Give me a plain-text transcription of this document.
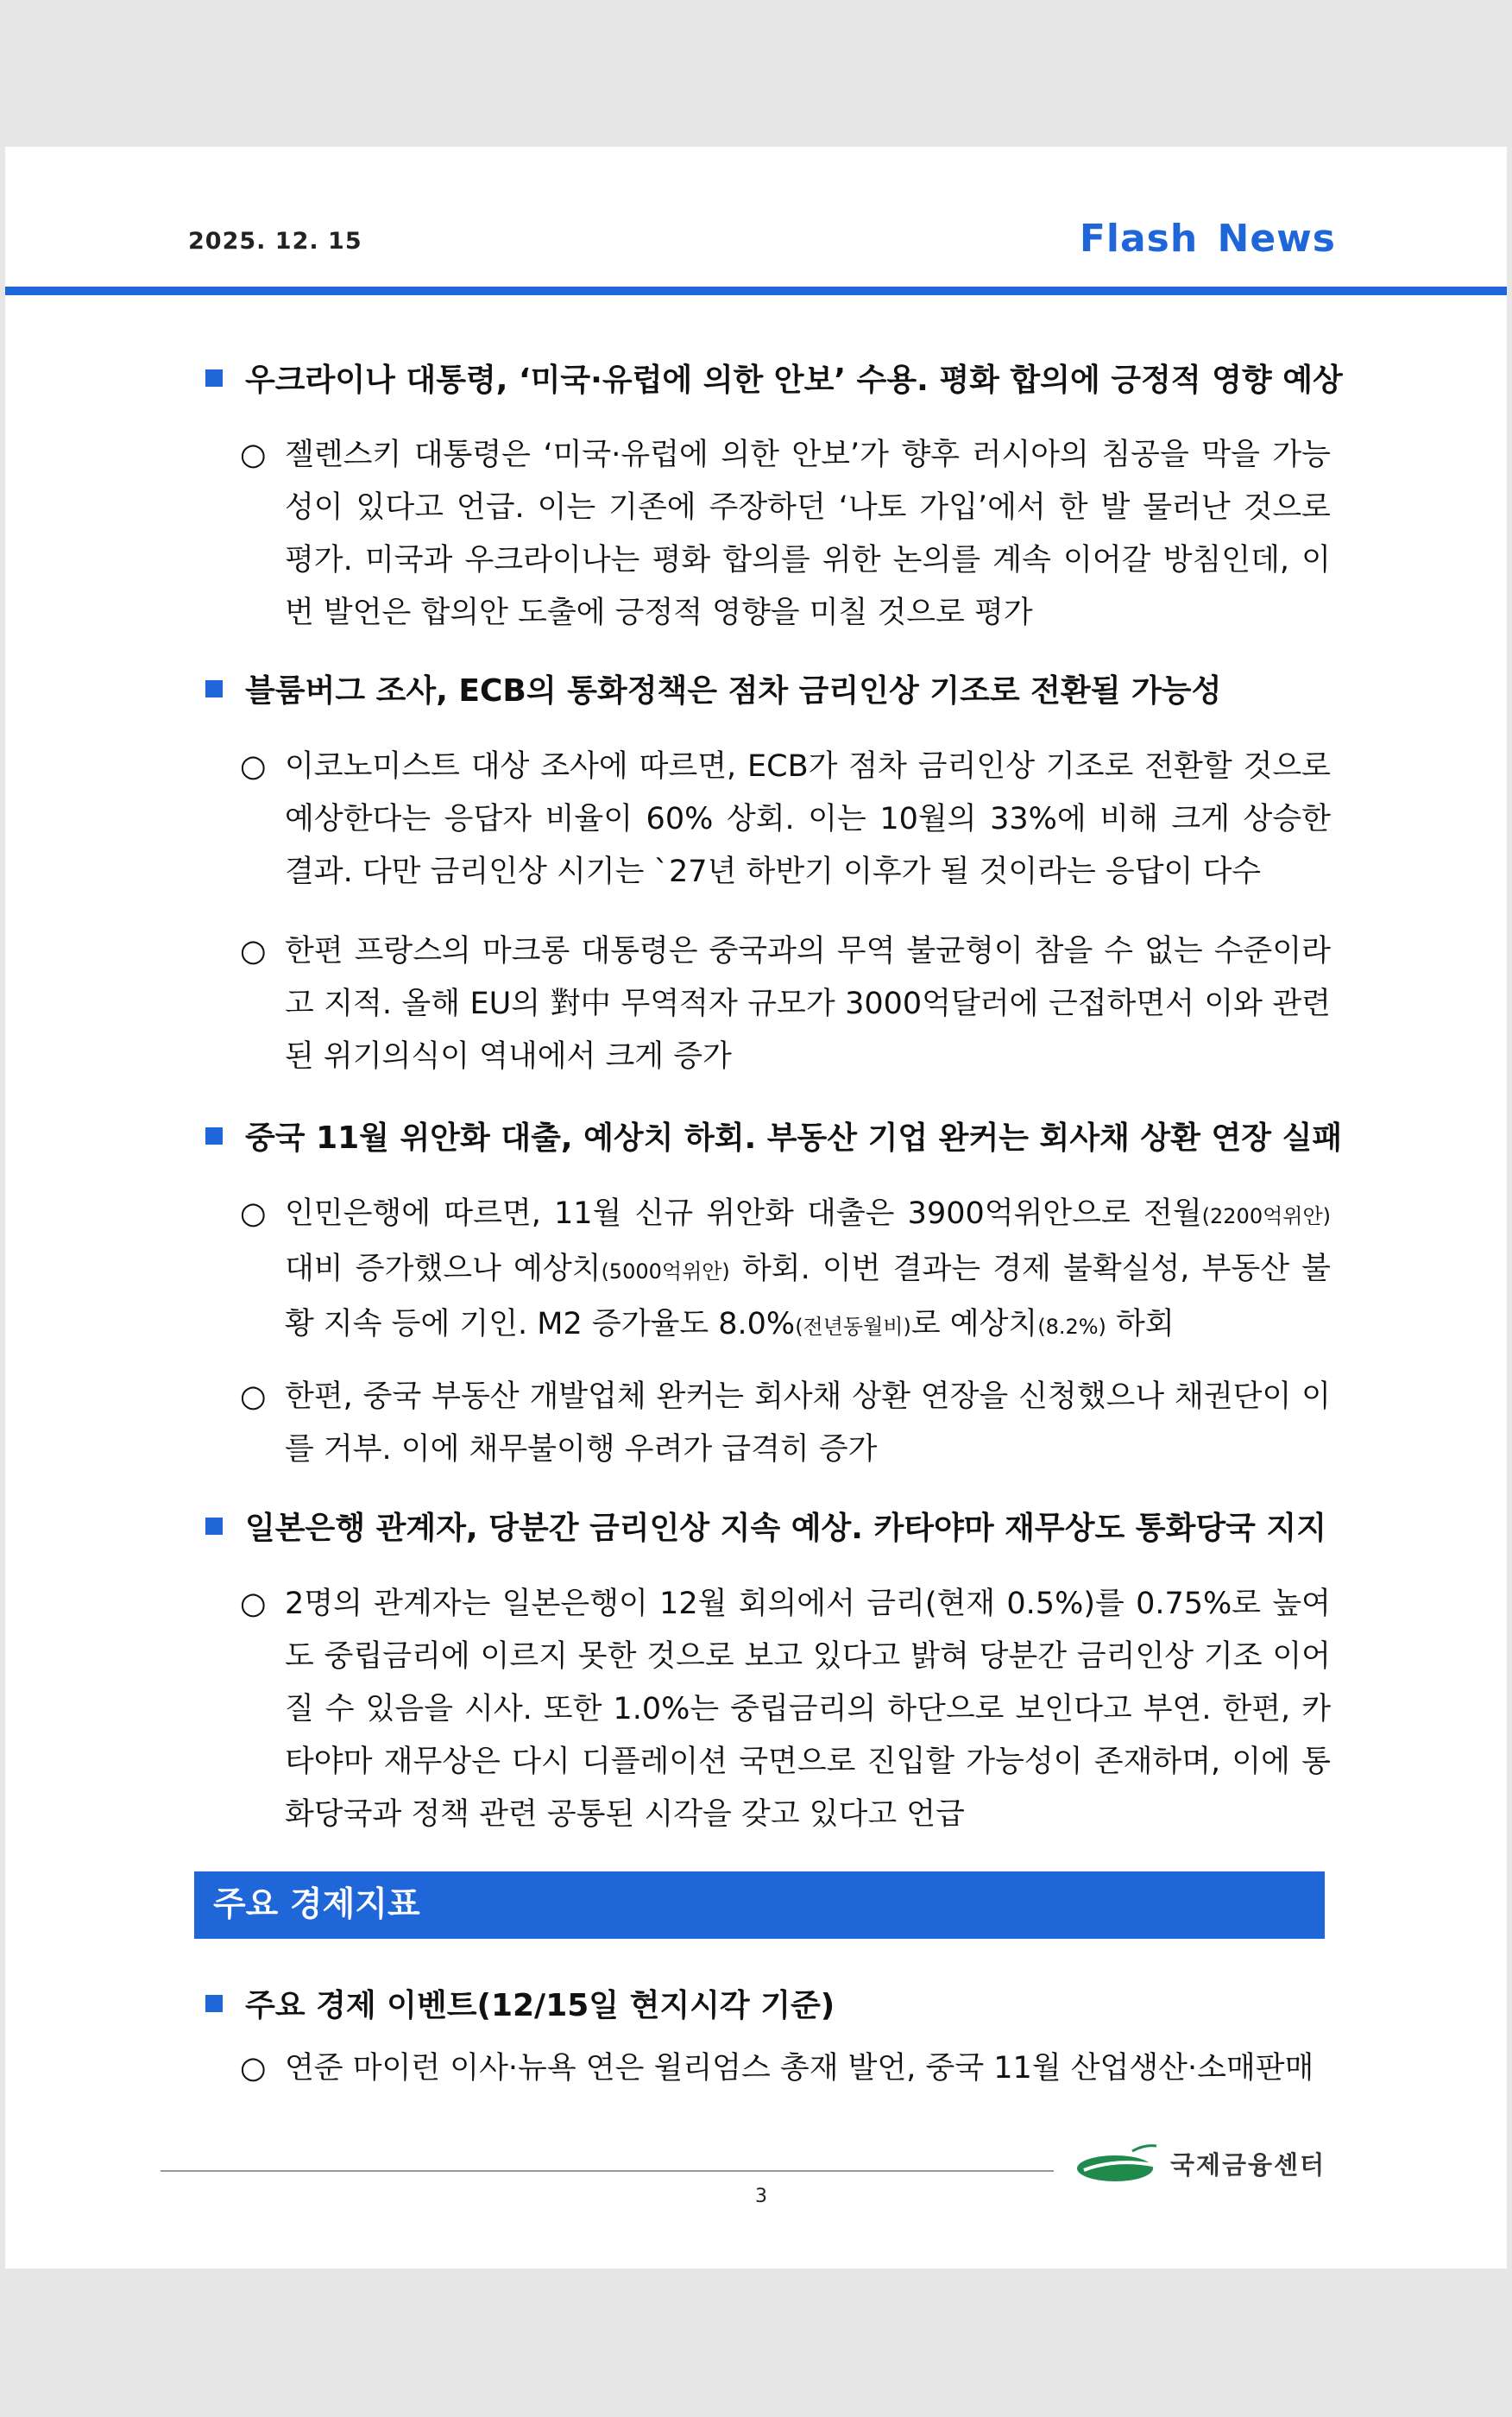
2025. 12. 15	Flash News
우크라이나 대통령, ‘미국·유럽에 의한 안보’ 수용. 평화 합의에 긍정적 영향 예상
○ 젤렌스키 대통령은 ‘미국·유럽에 의한 안보’가 향후 러시아의 침공을 막을 가능성이 있다고 언급. 이는 기존에 주장하던 ‘나토 가입’에서 한 발 물러난 것으로 평가. 미국과 우크라이나는 평화 합의를 위한 논의를 계속 이어갈 방침인데, 이번 발언은 합의안 도출에 긍정적 영향을 미칠 것으로 평가
블룸버그 조사, ECB의 통화정책은 점차 금리인상 기조로 전환될 가능성
○ 이코노미스트 대상 조사에 따르면, ECB가 점차 금리인상 기조로 전환할 것으로 예상한다는 응답자 비율이 60% 상회. 이는 10월의 33%에 비해 크게 상승한 결과. 다만 금리인상 시기는 `27년 하반기 이후가 될 것이라는 응답이 다수
○ 한편 프랑스의 마크롱 대통령은 중국과의 무역 불균형이 참을 수 없는 수준이라고 지적. 올해 EU의 對中 무역적자 규모가 3000억달러에 근접하면서 이와 관련된 위기의식이 역내에서 크게 증가
중국 11월 위안화 대출, 예상치 하회. 부동산 기업 완커는 회사채 상환 연장 실패
○ 인민은행에 따르면, 11월 신규 위안화 대출은 3900억위안으로 전월(2200억위안) 대비 증가했으나 예상치(5000억위안) 하회. 이번 결과는 경제 불확실성, 부동산 불황 지속 등에 기인. M2 증가율도 8.0%(전년동월비)로 예상치(8.2%) 하회
○ 한편, 중국 부동산 개발업체 완커는 회사채 상환 연장을 신청했으나 채권단이 이를 거부. 이에 채무불이행 우려가 급격히 증가
일본은행 관계자, 당분간 금리인상 지속 예상. 카타야마 재무상도 통화당국 지지
○ 2명의 관계자는 일본은행이 12월 회의에서 금리(현재 0.5%)를 0.75%로 높여도 중립금리에 이르지 못한 것으로 보고 있다고 밝혀 당분간 금리인상 기조 이어질 수 있음을 시사. 또한 1.0%는 중립금리의 하단으로 보인다고 부연. 한편, 카타야마 재무상은 다시 디플레이션 국면으로 진입할 가능성이 존재하며, 이에 통화당국과 정책 관련 공통된 시각을 갖고 있다고 언급
주요 경제지표
주요 경제 이벤트(12/15일 현지시각 기준)
○ 연준 마이런 이사·뉴욕 연은 윌리엄스 총재 발언, 중국 11월 산업생산·소매판매
국제금융센터
3
